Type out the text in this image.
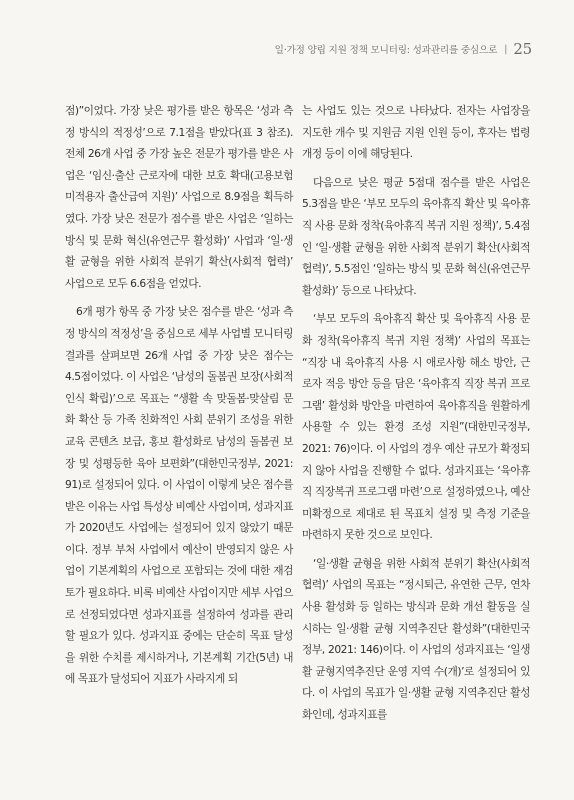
일·가정 양립 지원 정책 모니터링: 성과관리를 중심으로 | 25

점)”이었다. 가장 낮은 평가를 받은 항목은 ‘성과 측정 방식의 적정성’으로 7.1점을 받았다(표 3 참조). 전체 26개 사업 중 가장 높은 전문가 평가를 받은 사업은 ‘임신·출산 근로자에 대한 보호 확대(고용보험 미적용자 출산급여 지원)’ 사업으로 8.9점을 획득하였다. 가장 낮은 전문가 점수를 받은 사업은 ‘일하는 방식 및 문화 혁신(유연근무 활성화)’ 사업과 ‘일·생활 균형을 위한 사회적 분위기 확산(사회적 협력)’ 사업으로 모두 6.6점을 얻었다.

6개 평가 항목 중 가장 낮은 점수를 받은 ‘성과 측정 방식의 적정성’을 중심으로 세부 사업별 모니터링 결과를 살펴보면 26개 사업 중 가장 낮은 점수는 4.5점이었다. 이 사업은 ‘남성의 돌봄권 보장(사회적 인식 확립)’으로 목표는 “생활 속 맞돌봄·맞살림 문화 확산 등 가족 친화적인 사회 분위기 조성을 위한 교육 콘텐츠 보급, 홍보 활성화로 남성의 돌봄권 보장 및 성평등한 육아 보편화”(대한민국정부, 2021: 91)로 설정되어 있다. 이 사업이 이렇게 낮은 점수를 받은 이유는 사업 특성상 비예산 사업이며, 성과지표가 2020년도 사업에는 설정되어 있지 않았기 때문이다. 정부 부처 사업에서 예산이 반영되지 않은 사업이 기본계획의 사업으로 포함되는 것에 대한 재검토가 필요하다. 비록 비예산 사업이지만 세부 사업으로 선정되었다면 성과지표를 설정하여 성과를 관리할 필요가 있다. 성과지표 중에는 단순히 목표 달성을 위한 수치를 제시하거나, 기본계획 기간(5년) 내에 목표가 달성되어 지표가 사라지게 되

는 사업도 있는 것으로 나타났다. 전자는 사업장을 지도한 개수 및 지원금 지원 인원 등이, 후자는 법령 개정 등이 이에 해당된다.

다음으로 낮은 평균 5점대 점수를 받은 사업은 5.3점을 받은 ‘부모 모두의 육아휴직 확산 및 육아휴직 사용 문화 정착(육아휴직 복귀 지원 정책)’, 5.4점인 ‘일·생활 균형을 위한 사회적 분위기 확산(사회적 협력)’, 5.5점인 ‘일하는 방식 및 문화 혁신(유연근무 활성화)’ 등으로 나타났다.

‘부모 모두의 육아휴직 확산 및 육아휴직 사용 문화 정착(육아휴직 복귀 지원 정책)’ 사업의 목표는 “직장 내 육아휴직 사용 시 애로사항 해소 방안, 근로자 적응 방안 등을 담은 ‘육아휴직 직장 복귀 프로그램’ 활성화 방안을 마련하여 육아휴직을 원활하게 사용할 수 있는 환경 조성 지원”(대한민국정부, 2021: 76)이다. 이 사업의 경우 예산 규모가 확정되지 않아 사업을 진행할 수 없다. 성과지표는 ‘육아휴직 직장복귀 프로그램 마련’으로 설정하였으나, 예산 미확정으로 제대로 된 목표치 설정 및 측정 기준을 마련하지 못한 것으로 보인다.

‘일·생활 균형을 위한 사회적 분위기 확산(사회적 협력)’ 사업의 목표는 “정시퇴근, 유연한 근무, 연차 사용 활성화 등 일하는 방식과 문화 개선 활동을 실시하는 일·생활 균형 지역추진단 활성화”(대한민국정부, 2021: 146)이다. 이 사업의 성과지표는 ‘일생활 균형지역추진단 운영 지역 수(개)’로 설정되어 있다. 이 사업의 목표가 일·생활 균형 지역추진단 활성화인데, 성과지표를
